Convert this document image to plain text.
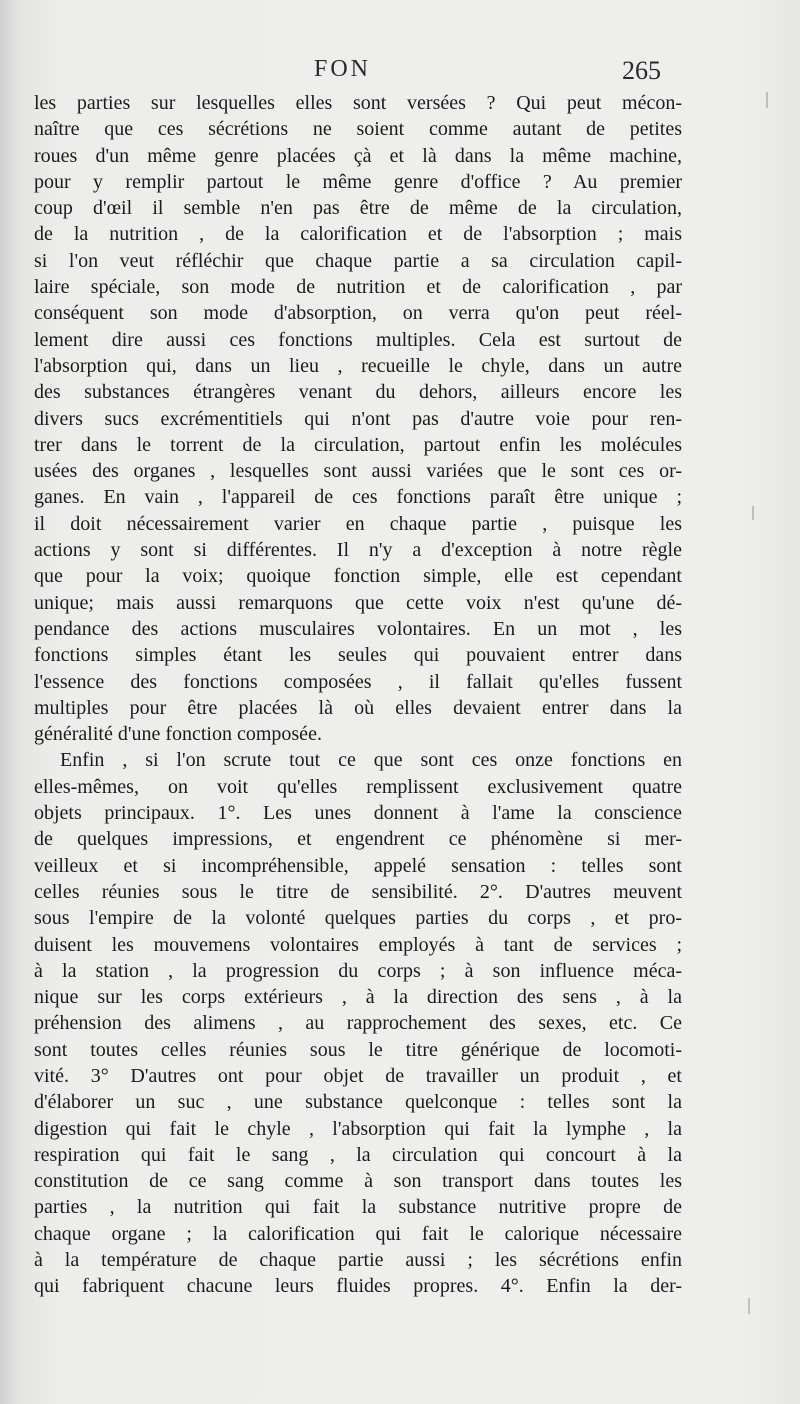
FON	265
les parties sur lesquelles elles sont versées ? Qui peut mécon-
naître que ces sécrétions ne soient comme autant de petites
roues d'un même genre placées çà et là dans la même machine,
pour y remplir partout le même genre d'office ? Au premier
coup d'œil il semble n'en pas être de même de la circulation,
de la nutrition , de la calorification et de l'absorption ; mais
si l'on veut réfléchir que chaque partie a sa circulation capil-
laire spéciale, son mode de nutrition et de calorification , par
conséquent son mode d'absorption, on verra qu'on peut réel-
lement dire aussi ces fonctions multiples. Cela est surtout de
l'absorption qui, dans un lieu , recueille le chyle, dans un autre
des substances étrangères venant du dehors, ailleurs encore les
divers sucs excrémentitiels qui n'ont pas d'autre voie pour ren-
trer dans le torrent de la circulation, partout enfin les molécules
usées des organes , lesquelles sont aussi variées que le sont ces or-
ganes. En vain , l'appareil de ces fonctions paraît être unique ;
il doit nécessairement varier en chaque partie , puisque les
actions y sont si différentes. Il n'y a d'exception à notre règle
que pour la voix; quoique fonction simple, elle est cependant
unique; mais aussi remarquons que cette voix n'est qu'une dé-
pendance des actions musculaires volontaires. En un mot , les
fonctions simples étant les seules qui pouvaient entrer dans
l'essence des fonctions composées , il fallait qu'elles fussent
multiples pour être placées là où elles devaient entrer dans la
généralité d'une fonction composée.
Enfin , si l'on scrute tout ce que sont ces onze fonctions en
elles-mêmes, on voit qu'elles remplissent exclusivement quatre
objets principaux. 1°. Les unes donnent à l'ame la conscience
de quelques impressions, et engendrent ce phénomène si mer-
veilleux et si incompréhensible, appelé sensation : telles sont
celles réunies sous le titre de sensibilité. 2°. D'autres meuvent
sous l'empire de la volonté quelques parties du corps , et pro-
duisent les mouvemens volontaires employés à tant de services ;
à la station , la progression du corps ; à son influence méca-
nique sur les corps extérieurs , à la direction des sens , à la
préhension des alimens , au rapprochement des sexes, etc. Ce
sont toutes celles réunies sous le titre générique de locomoti-
vité. 3° D'autres ont pour objet de travailler un produit , et
d'élaborer un suc , une substance quelconque : telles sont la
digestion qui fait le chyle , l'absorption qui fait la lymphe , la
respiration qui fait le sang , la circulation qui concourt à la
constitution de ce sang comme à son transport dans toutes les
parties , la nutrition qui fait la substance nutritive propre de
chaque organe ; la calorification qui fait le calorique nécessaire
à la température de chaque partie aussi ; les sécrétions enfin
qui fabriquent chacune leurs fluides propres. 4°. Enfin la der-
